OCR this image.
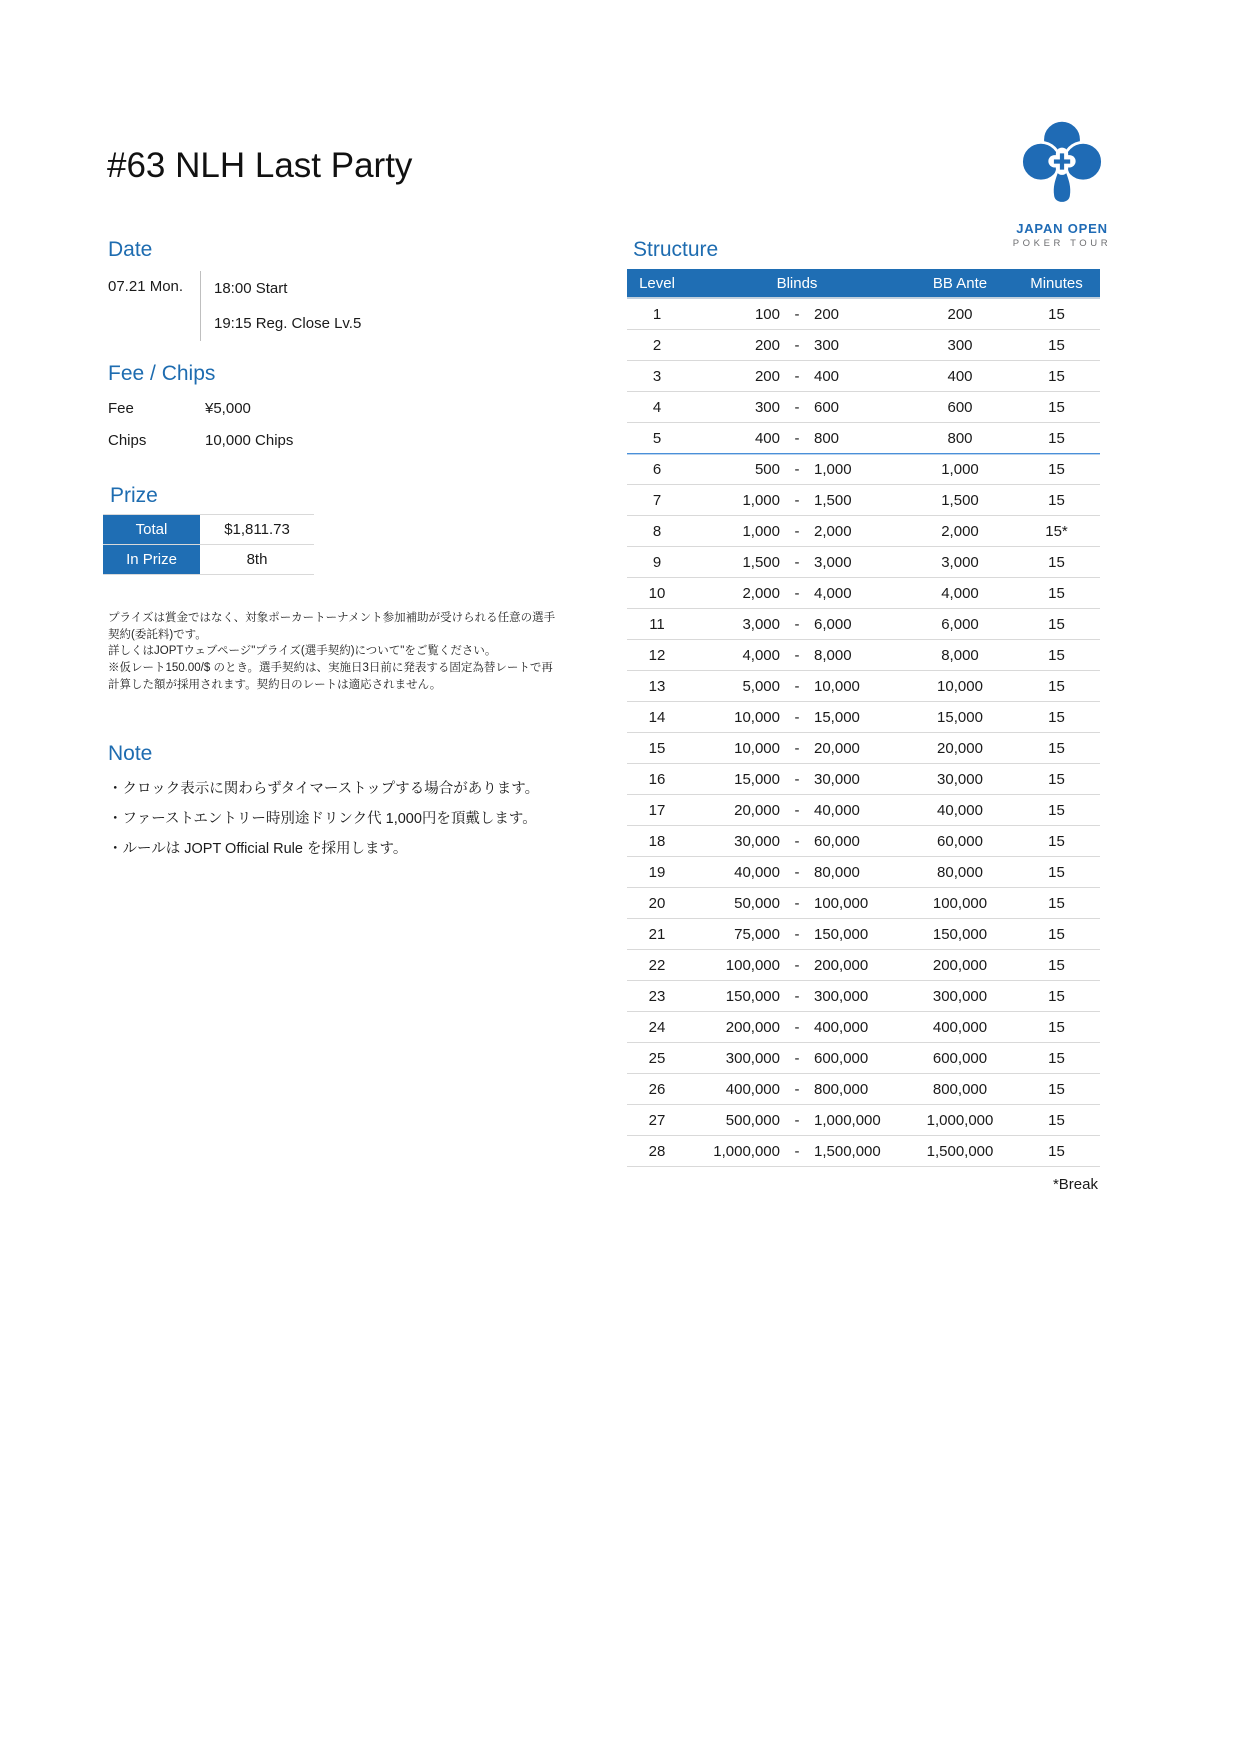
#63 NLH Last Party
JAPAN OPEN
POKER TOUR
Date
07.21 Mon.	18:00 Start
19:15 Reg. Close Lv.5
Fee / Chips
Fee	¥5,000
Chips	10,000 Chips
Prize
Total	$1,811.73
In Prize	8th

プライズは賞金ではなく、対象ポーカートーナメント参加補助が受けられる任意の選手契約(委託料)です。

詳しくはJOPTウェブページ"プライズ(選手契約)について"をご覧ください。

※仮レート150.00/$ のとき。選手契約は、実施日3日前に発表する固定為替レートで再計算した額が採用されます。契約日のレートは適応されません。

Note
・クロック表示に関わらずタイマーストップする場合があります。
・ファーストエントリー時別途ドリンク代 1,000円を頂戴します。
・ルールは JOPT Official Rule を採用します。
Structure
Level	Blinds	BB Ante	Minutes
1	100 - 200	200	15
2	200 - 300	300	15
3	200 - 400	400	15
4	300 - 600	600	15
5	400 - 800	800	15
6	500 - 1,000	1,000	15
7	1,000 - 1,500	1,500	15
8	1,000 - 2,000	2,000	15*
9	1,500 - 3,000	3,000	15
10	2,000 - 4,000	4,000	15
11	3,000 - 6,000	6,000	15
12	4,000 - 8,000	8,000	15
13	5,000 - 10,000	10,000	15
14	10,000 - 15,000	15,000	15
15	10,000 - 20,000	20,000	15
16	15,000 - 30,000	30,000	15
17	20,000 - 40,000	40,000	15
18	30,000 - 60,000	60,000	15
19	40,000 - 80,000	80,000	15
20	50,000 - 100,000	100,000	15
21	75,000 - 150,000	150,000	15
22	100,000 - 200,000	200,000	15
23	150,000 - 300,000	300,000	15
24	200,000 - 400,000	400,000	15
25	300,000 - 600,000	600,000	15
26	400,000 - 800,000	800,000	15
27	500,000 - 1,000,000	1,000,000	15
28	1,000,000 - 1,500,000	1,500,000	15
*Break
